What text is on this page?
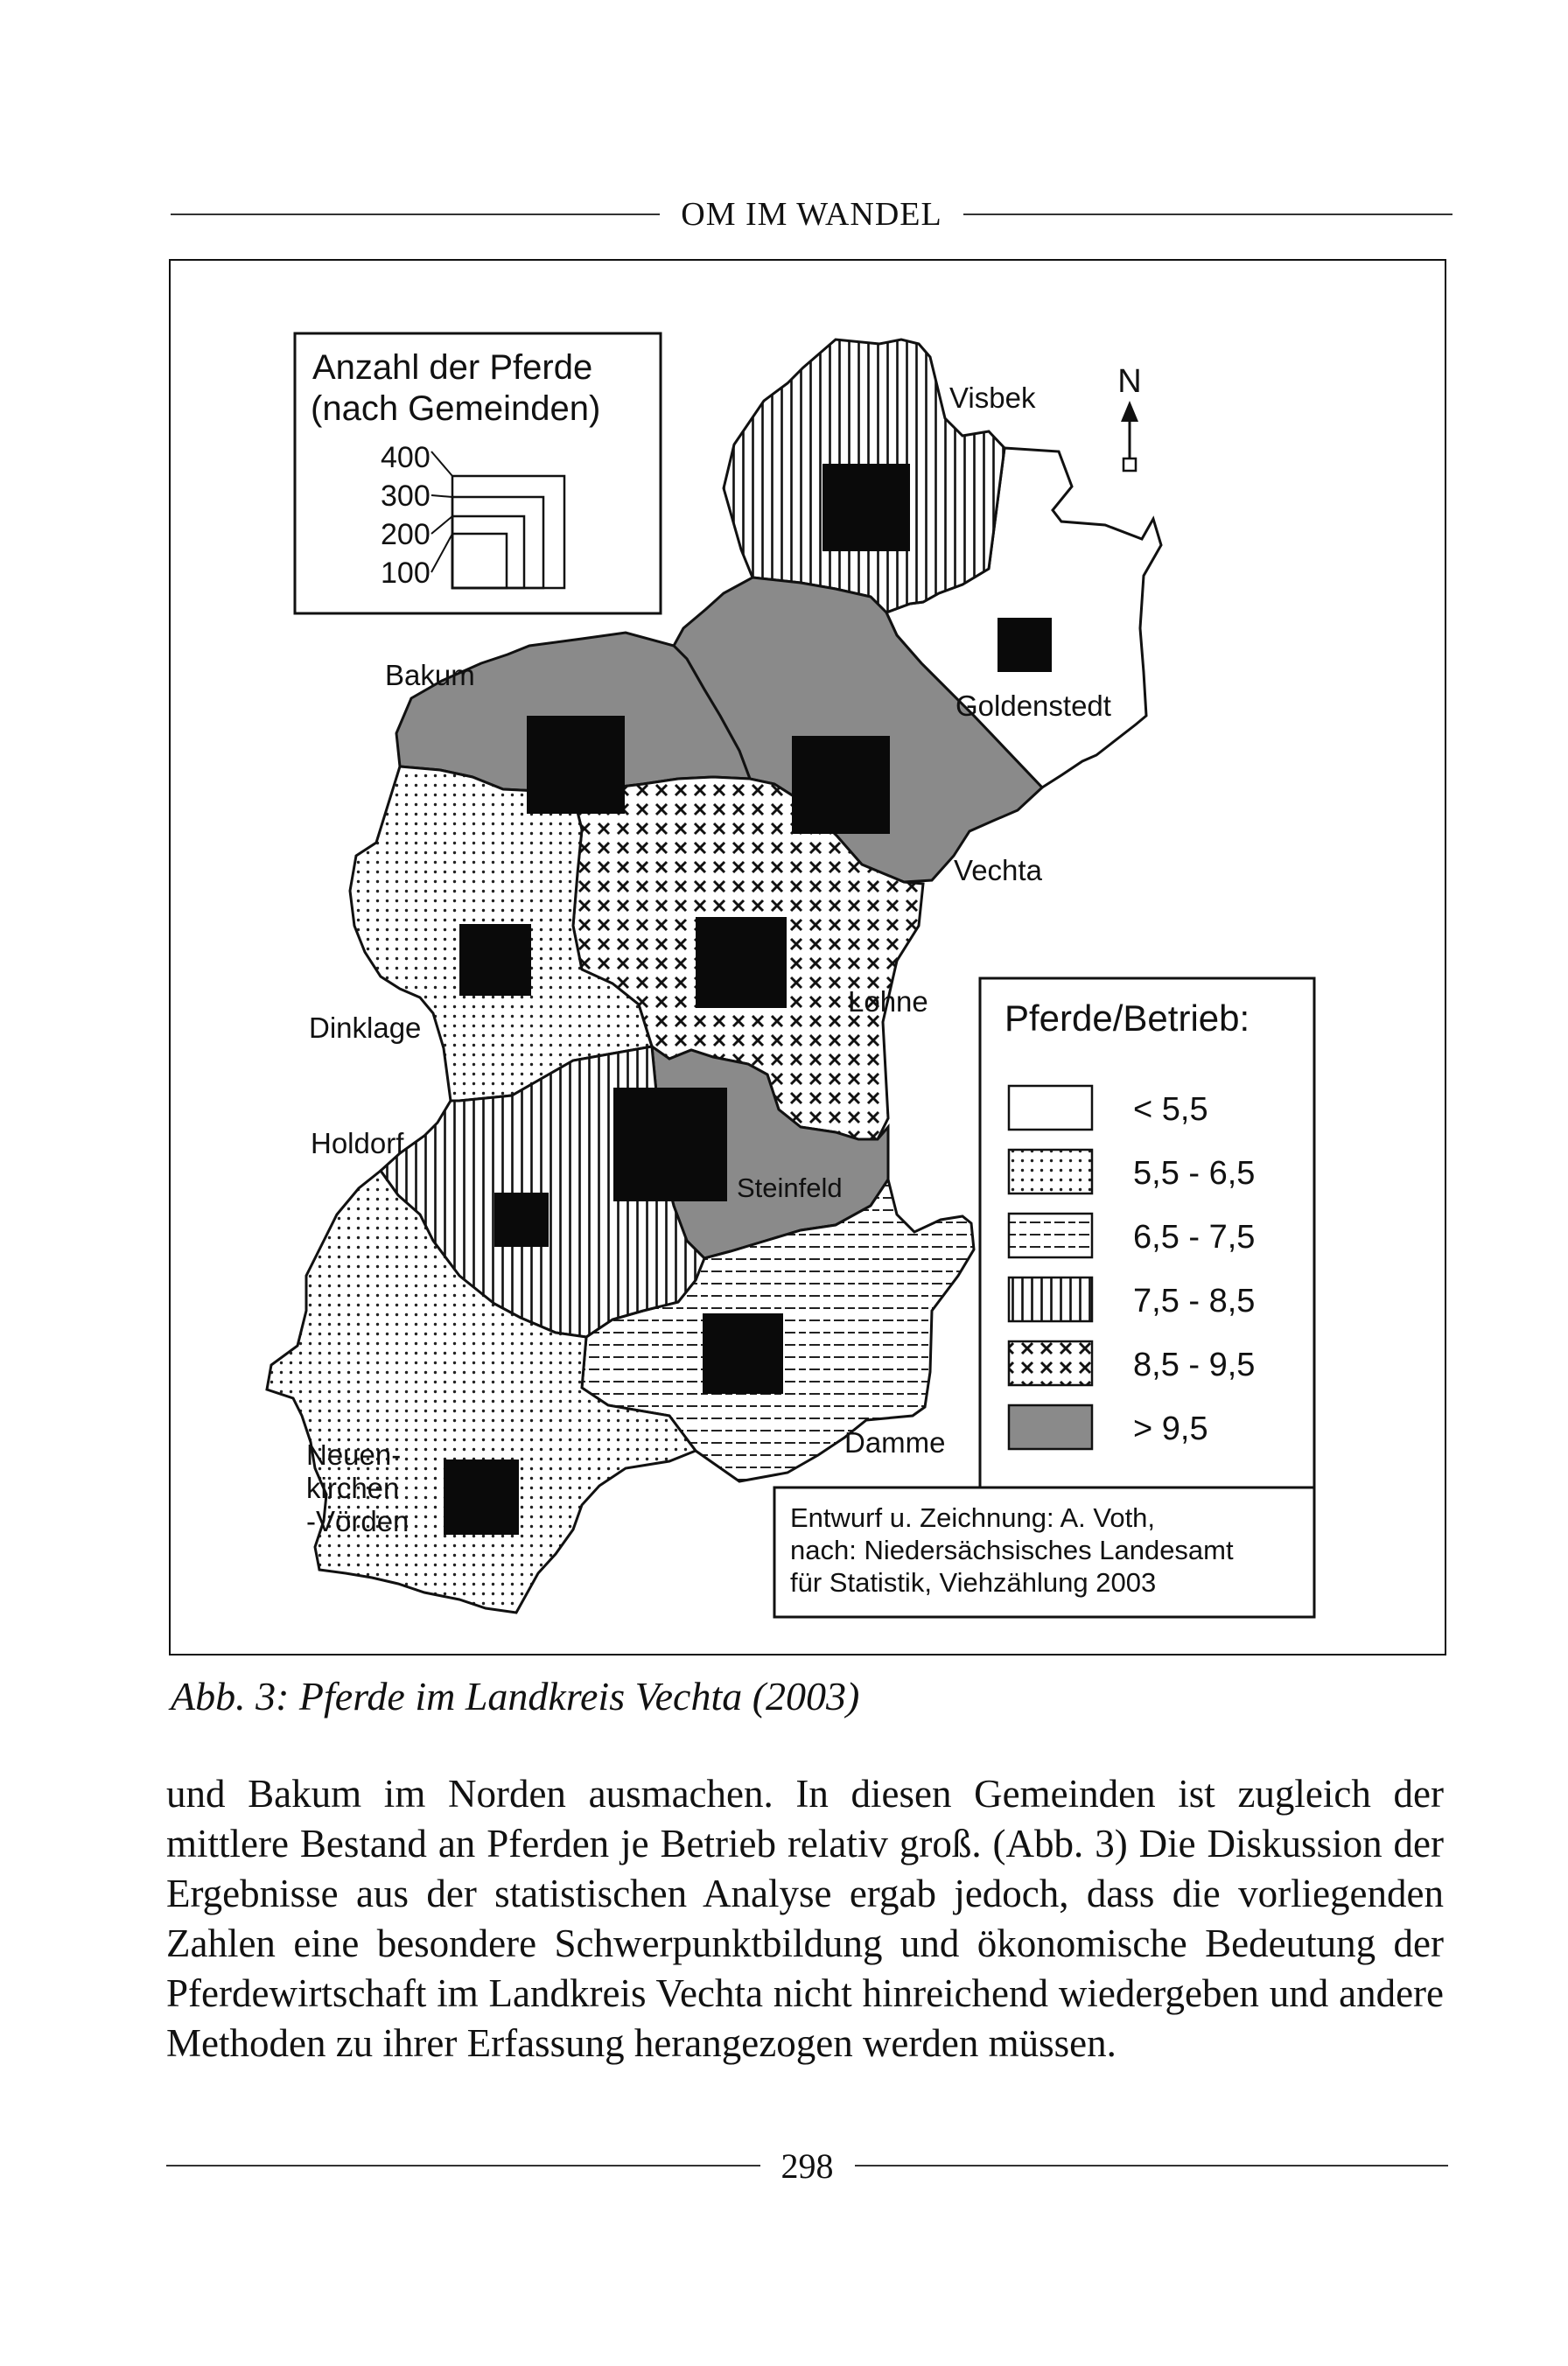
OM IM WANDEL
Anzahl der Pferde
(nach Gemeinden)
400
300
200
100
N
Visbek
Goldenstedt
Bakum
Vechta
Lohne
Dinklage
Holdorf
Steinfeld
Damme
Neuen-
kirchen
-Vörden
Pferde/Betrieb:
< 5,5
5,5 - 6,5
6,5 - 7,5
7,5 - 8,5
8,5 - 9,5
> 9,5
Entwurf u. Zeichnung: A. Voth,
nach: Niedersächsisches Landesamt
für Statistik, Viehzählung 2003
Abb. 3: Pferde im Landkreis Vechta (2003)

und Bakum im Norden ausmachen. In diesen Gemeinden ist zugleich der mittlere Bestand an Pferden je Betrieb relativ groß. (Abb. 3) Die Diskussion der Ergebnisse aus der statistischen Analyse ergab jedoch, dass die vorliegenden Zahlen eine besondere Schwerpunktbildung und ökonomische Bedeutung der Pferdewirtschaft im Landkreis Vechta nicht hinreichend wiedergeben und andere Methoden zu ihrer Erfassung herangezogen werden müssen.

298
